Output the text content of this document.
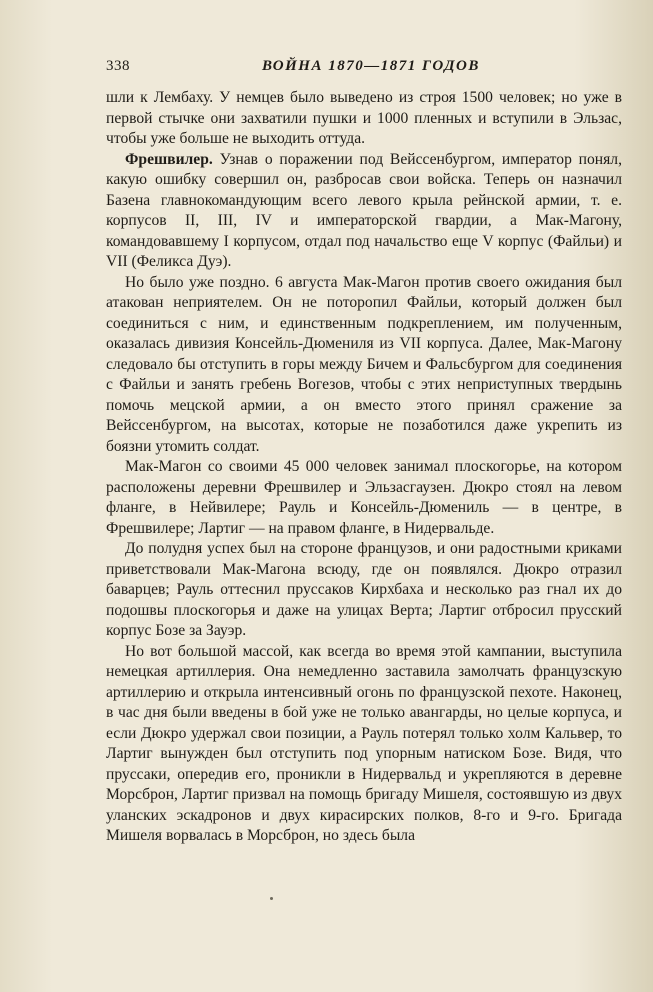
338	ВОЙНА 1870—1871 ГОДОВ

шли к Лембаху. У немцев было выведено из строя 1500 человек; но уже в первой стычке они захватили пушки и 1000 пленных и вступили в Эльзас, чтобы уже больше не выходить оттуда.

Фрешвилер. Узнав о поражении под Вейссенбургом, император понял, какую ошибку совершил он, разбросав свои войска. Теперь он назначил Базена главнокомандующим всего левого крыла рейнской армии, т. е. корпусов II, III, IV и императорской гвардии, а Мак-Магону, командовавшему I корпусом, отдал под начальство еще V корпус (Файльи) и VII (Феликса Дуэ).

Но было уже поздно. 6 августа Мак-Магон против своего ожидания был атакован неприятелем. Он не поторопил Файльи, который должен был соединиться с ним, и единственным подкреплением, им полученным, оказалась дивизия Консейль-Дюмениля из VII корпуса. Далее, Мак-Магону следовало бы отступить в горы между Бичем и Фальсбургом для соединения с Файльи и занять гребень Вогезов, чтобы с этих неприступных твердынь помочь мецской армии, а он вместо этого принял сражение за Вейссенбургом, на высотах, которые не позаботился даже укрепить из боязни утомить солдат.

Мак-Магон со своими 45 000 человек занимал плоскогорье, на котором расположены деревни Фрешвилер и Эльзасгаузен. Дюкро стоял на левом фланге, в Нейвилере; Рауль и Консейль-Дюмениль — в центре, в Фрешвилере; Лартиг — на правом фланге, в Нидервальде.

До полудня успех был на стороне французов, и они радостными криками приветствовали Мак-Магона всюду, где он появлялся. Дюкро отразил баварцев; Рауль оттеснил пруссаков Кирхбаха и несколько раз гнал их до подошвы плоскогорья и даже на улицах Верта; Лартиг отбросил прусский корпус Бозе за Зауэр.

Но вот большой массой, как всегда во время этой кампании, выступила немецкая артиллерия. Она немедленно заставила замолчать французскую артиллерию и открыла интенсивный огонь по французской пехоте. Наконец, в час дня были введены в бой уже не только авангарды, но целые корпуса, и если Дюкро удержал свои позиции, а Рауль потерял только холм Кальвер, то Лартиг вынужден был отступить под упорным натиском Бозе. Видя, что пруссаки, опередив его, проникли в Нидервальд и укрепляются в деревне Морсброн, Лартиг призвал на помощь бригаду Мишеля, состоявшую из двух уланских эскадронов и двух кирасирских полков, 8-го и 9-го. Бригада Мишеля ворвалась в Морсброн, но здесь была
